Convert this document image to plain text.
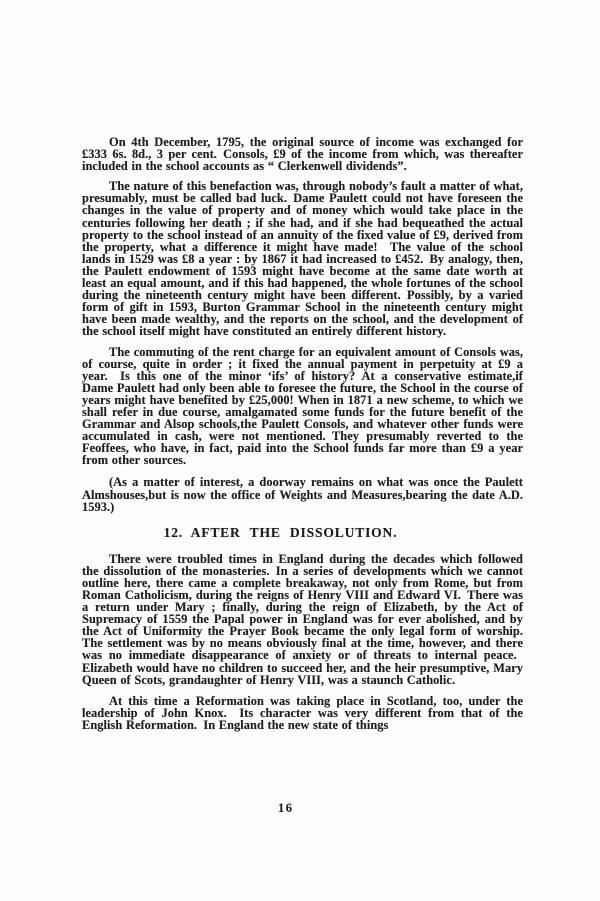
On 4th December, 1795, the original source of income was exchanged for £333 6s. 8d., 3 per cent. Consols, £9 of the income from which, was thereafter included in the school accounts as “ Clerkenwell dividends”.

The nature of this benefaction was, through nobody’s fault a matter of what, presumably, must be called bad luck. Dame Paulett could not have foreseen the changes in the value of property and of money which would take place in the centuries following her death ; if she had, and if she had bequeathed the actual property to the school instead of an annuity of the fixed value of £9, derived from the property, what a difference it might have made! The value of the school lands in 1529 was £8 a year : by 1867 it had increased to £452. By analogy, then, the Paulett endowment of 1593 might have become at the same date worth at least an equal amount, and if this had happened, the whole fortunes of the school during the nineteenth century might have been different. Possibly, by a varied form of gift in 1593, Burton Grammar School in the nineteenth century might have been made wealthy, and the reports on the school, and the development of the school itself might have constituted an entirely different history.

The commuting of the rent charge for an equivalent amount of Consols was, of course, quite in order ; it fixed the annual payment in perpetuity at £9 a year.  Is this one of the minor ‘ifs’ of history? At a conservative estimate,if Dame Paulett had only been able to foresee the future, the School in the course of years might have benefited by £25,000! When in 1871 a new scheme, to which we shall refer in due course, amalgamated some funds for the future benefit of the Grammar and Alsop schools,the Paulett Consols, and whatever other funds were accumulated in cash, were not mentioned. They presumably reverted to the Feoffees, who have, in fact, paid into the School funds far more than £9 a year from other sources.

(As a matter of interest, a doorway remains on what was once the Paulett Almshouses,but is now the office of Weights and Measures,bearing the date A.D. 1593.)

12. AFTER THE DISSOLUTION.

There were troubled times in England during the decades which followed the dissolution of the monasteries. In a series of developments which we cannot outline here, there came a complete breakaway, not only from Rome, but from Roman Catholicism, during the reigns of Henry VIII and Edward VI. There was a return under Mary ; finally, during the reign of Elizabeth, by the Act of Supremacy of 1559 the Papal power in England was for ever abolished, and by the Act of Uniformity the Prayer Book became the only legal form of worship. The settlement was by no means obviously final at the time, however, and there was no immediate disappearance of anxiety or of threats to internal peace. Elizabeth would have no children to succeed her, and the heir presumptive, Mary Queen of Scots, grandaughter of Henry VIII, was a staunch Catholic.

At this time a Reformation was taking place in Scotland, too, under the leadership of John Knox.  Its character was very different from that of the English Reformation. In England the new state of things

16
